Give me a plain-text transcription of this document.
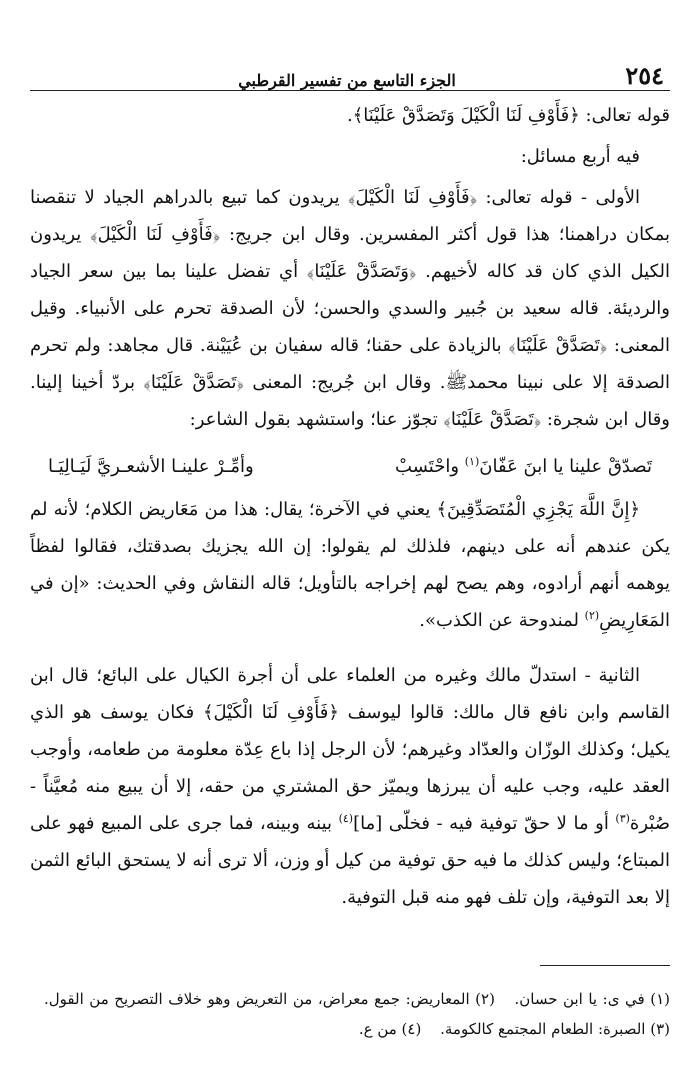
٢٥٤
الجزء التاسع من تفسير القرطبي

قوله تعالى: ﴿فَأَوْفِ لَنَا الْكَيْلَ وَتَصَدَّقْ عَلَيْنَا﴾.

فيه أربع مسائل:

الأولى - قوله تعالى: ﴿فَأَوْفِ لَنَا الْكَيْلَ﴾ يريدون كما تبيع بالدراهم الجياد لا تنقصنا بمكان دراهمنا؛ هذا قول أكثر المفسرين. وقال ابن جريج: ﴿فَأَوْفِ لَنَا الْكَيْلَ﴾ يريدون الكيل الذي كان قد كاله لأخيهم. ﴿وَتَصَدَّقْ عَلَيْنَا﴾ أي تفضل علينا بما بين سعر الجياد والرديئة. قاله سعيد بن جُبير والسدي والحسن؛ لأن الصدقة تحرم على الأنبياء. وقيل المعنى: ﴿تَصَدَّقْ عَلَيْنَا﴾ بالزيادة على حقنا؛ قاله سفيان بن عُيَيْنة. قال مجاهد: ولم تحرم الصدقة إلا على نبينا محمدﷺ. وقال ابن جُريج: المعنى ﴿تَصَدَّقْ عَلَيْنَا﴾ بردّ أخينا إلينا. وقال ابن شجرة: ﴿تَصَدَّقْ عَلَيْنَا﴾ تجوّز عنا؛ واستشهد بقول الشاعر:

تَصدّقْ علينا يا ابنَ عَفّانَ$^{(١)}$ واحْتَسِبْ
وأمِّـرْ علينـا الأشعـريَّ لَيَـالِيَـا

﴿إِنَّ اللَّهَ يَجْزِي الْمُتَصَدِّقِينَ﴾ يعني في الآخرة؛ يقال: هذا من مَعَاريض الكلام؛ لأنه لم يكن عندهم أنه على دينهم، فلذلك لم يقولوا: إن الله يجزيك بصدقتك، فقالوا لفظاً يوهمه أنهم أرادوه، وهم يصح لهم إخراجه بالتأويل؛ قاله النقاش وفي الحديث: «إن في المَعَارِيضِ$^{(٢)}$ لمندوحة عن الكذب».

الثانية - استدلّ مالك وغيره من العلماء على أن أجرة الكيال على البائع؛ قال ابن القاسم وابن نافع قال مالك: قالوا ليوسف ﴿فَأَوْفِ لَنَا الْكَيْلَ﴾ فكان يوسف هو الذي يكيل؛ وكذلك الوزّان والعدّاد وغيرهم؛ لأن الرجل إذا باع عِدّة معلومة من طعامه، وأوجب العقد عليه، وجب عليه أن يبرزها ويميّز حق المشتري من حقه، إلا أن يبيع منه مُعيَّناً - صُبْرة$^{(٣)}$ أو ما لا حقّ توفية فيه - فخلّى [ما]$^{(٤)}$ بينه وبينه، فما جرى على المبيع فهو على المبتاع؛ وليس كذلك ما فيه حق توفية من كيل أو وزن، ألا ترى أنه لا يستحق البائع الثمن إلا بعد التوفية، وإن تلف فهو منه قبل التوفية.

(١) في ى: يا ابن حسان. (٢) المعاريض: جمع معراض، من التعريض وهو خلاف التصريح من القول. (٣) الصبرة: الطعام المجتمع كالكومة. (٤) من ع.
